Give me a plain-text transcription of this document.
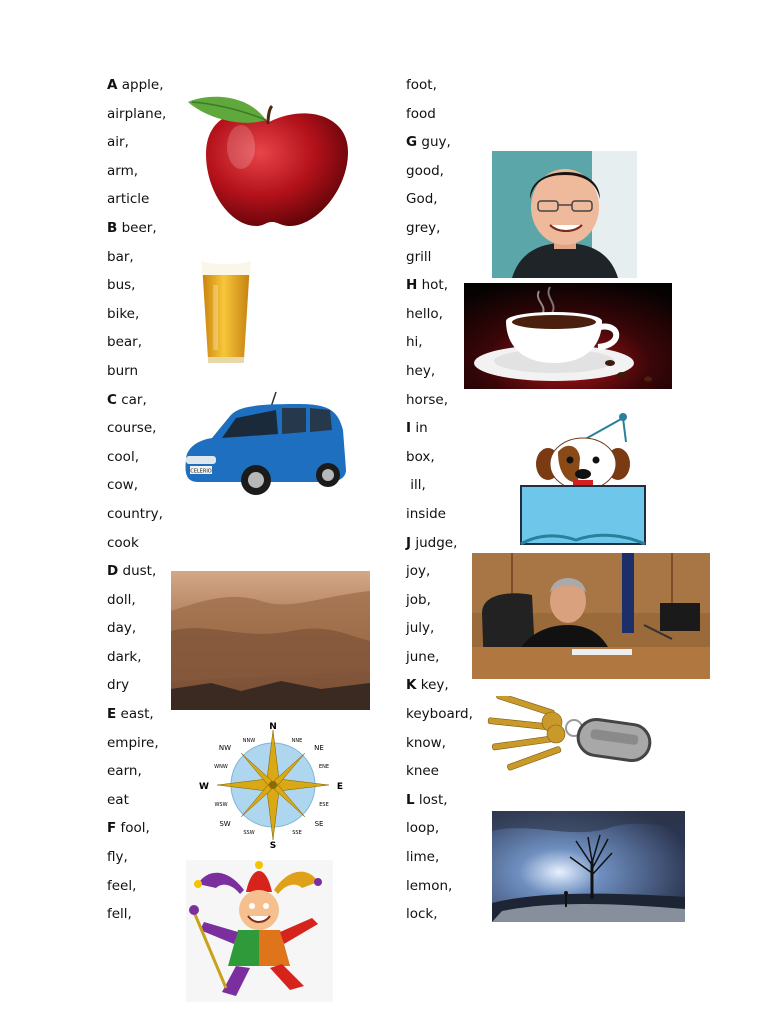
A apple,
airplane,
air,
arm,
article
B beer,
bar,
bus,
bike,
bear,
burn
C car,
course,
cool,
cow,
country,
cook
D dust,
doll,
day,
dark,
dry
E east,
empire,
earn,
eat
F fool,
fly,
feel,
fell,
foot,
food
G guy,
good,
God,
grey,
grill
H hot,
hello,
hi,
hey,
horse,
I in
box,
ill,
inside
J judge,
joy,
job,
july,
june,
K key,
keyboard,
know,
knee
L lost,
loop,
lime,
lemon,
lock,
CELERIO
N
S
E
W
NE
NW
SE
SW
NNE
NNW
ENE
ESE
WNW
WSW
SSE
SSW
